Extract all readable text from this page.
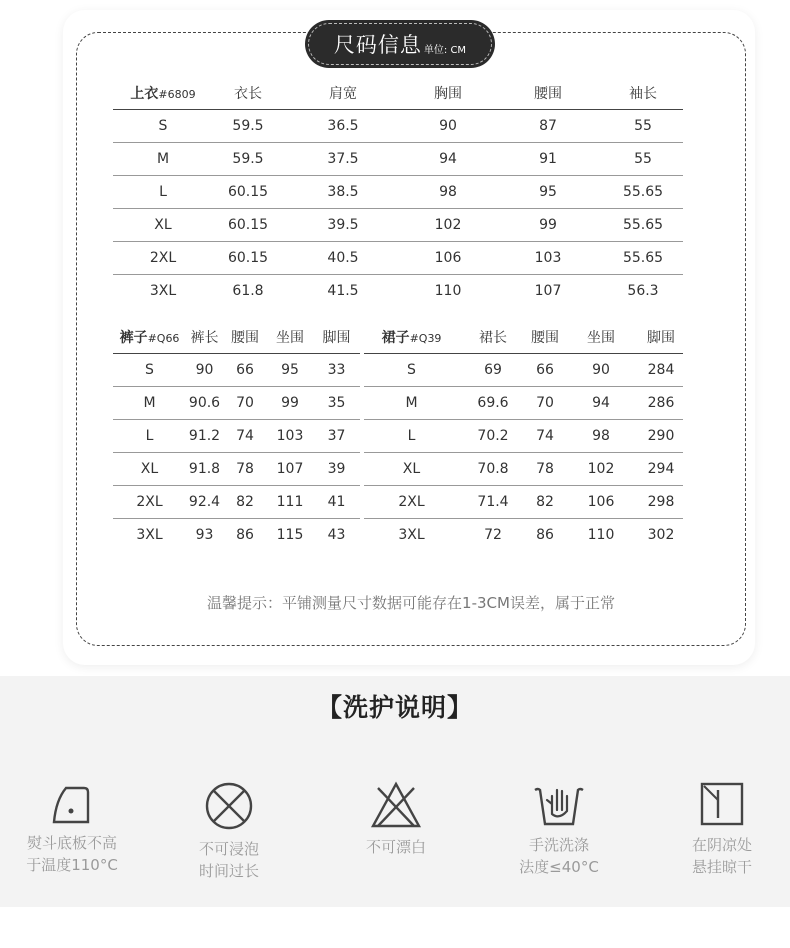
尺码信息 单位: CM
上衣#6809	衣长	肩宽	胸围	腰围	袖长
S	59.5	36.5	90	87	55
M	59.5	37.5	94	91	55
L	60.15	38.5	98	95	55.65
XL	60.15	39.5	102	99	55.65
2XL	60.15	40.5	106	103	55.65
3XL	61.8	41.5	110	107	56.3
裤子#Q66	裤长	腰围	坐围	脚围
S	90	66	95	33
M	90.6	70	99	35
L	91.2	74	103	37
XL	91.8	78	107	39
2XL	92.4	82	111	41
3XL	93	86	115	43
裙子#Q39	裙长	腰围	坐围	脚围
S	69	66	90	284
M	69.6	70	94	286
L	70.2	74	98	290
XL	70.8	78	102	294
2XL	71.4	82	106	298
3XL	72	86	110	302
温馨提示：平铺测量尺寸数据可能存在1-3CM误差，属于正常
【洗护说明】
熨斗底板不高
于温度110°C
不可浸泡
时间过长
不可漂白	手洗洗涤
法度≤40°C
在阴凉处
悬挂晾干
